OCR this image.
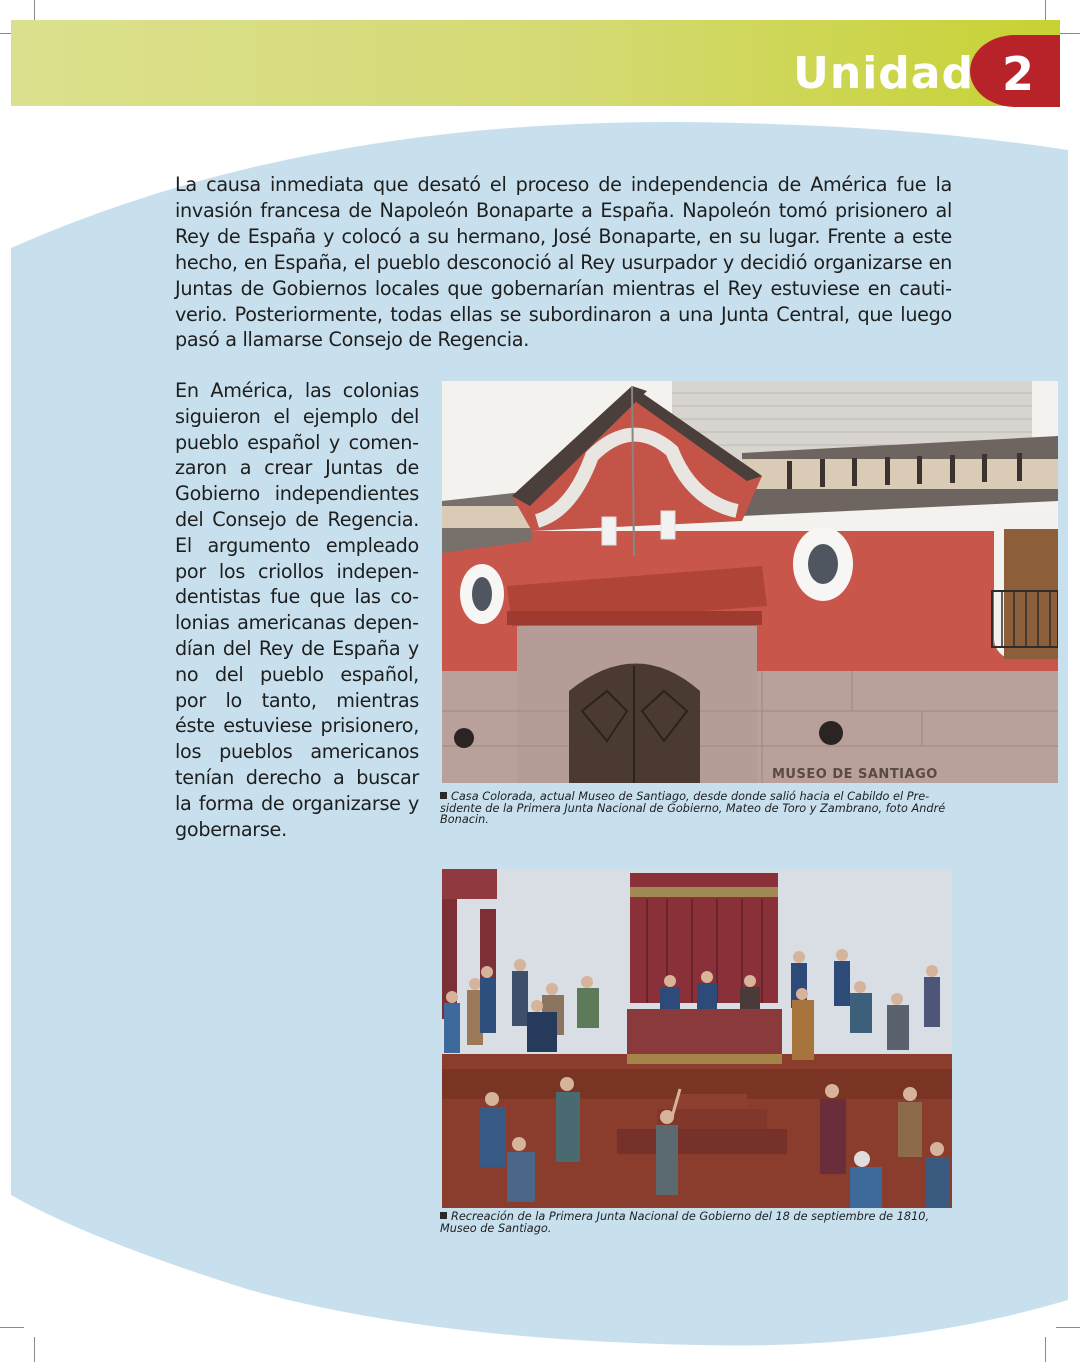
Unidad 2
La causa inmediata que desató el proceso de independencia de América fue la invasión francesa de Napoleón Bonaparte a España. Napoleón tomó prisionero al Rey de España y colocó a su hermano, José Bonaparte, en su lugar. Frente a este hecho, en España, el pueblo desconoció al Rey usurpador y decidió organizarse en Juntas de Gobiernos locales que gobernarían mientras el Rey estuviese en cautiverio. Posteriormente, todas ellas se subordinaron a una Junta Central, que luego pasó a llamarse Consejo de Regencia.
En América, las colonias siguieron el ejemplo del pueblo español y comenzaron a crear Juntas de Gobierno independientes del Consejo de Regencia. El argumento empleado por los criollos independentistas fue que las colonias americanas dependían del Rey de España y no del pueblo español, por lo tanto, mientras éste estuviese prisionero, los pueblos americanos tenían derecho a buscar la forma de organizarse y gobernarse.
MUSEO DE SANTIAGO
Casa Colorada, actual Museo de Santiago, desde donde salió hacia el Cabildo el Presidente de la Primera Junta Nacional de Gobierno, Mateo de Toro y Zambrano, foto André Bonacin.
Recreación de la Primera Junta Nacional de Gobierno del 18 de septiembre de 1810, Museo de Santiago.
